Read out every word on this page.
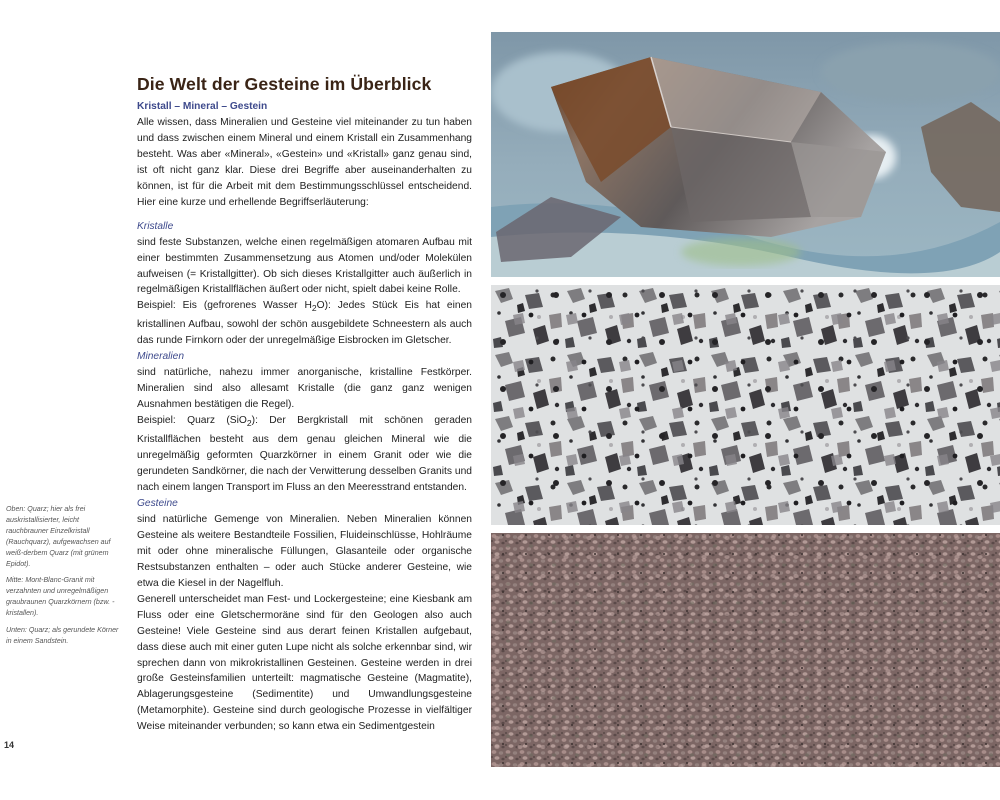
Die Welt der Gesteine im Überblick

Kristall – Mineral – Gestein

Alle wissen, dass Mineralien und Gesteine viel miteinander zu tun haben und dass zwischen einem Mineral und einem Kristall ein Zusammenhang besteht. Was aber «Mineral», «Gestein» und «Kristall» ganz genau sind, ist oft nicht ganz klar. Diese drei Begriffe aber auseinanderhalten zu können, ist für die Arbeit mit dem Bestimmungsschlüssel entscheidend. Hier eine kurze und erhellende Begriffserläuterung:

Kristalle

sind feste Substanzen, welche einen regelmäßigen atomaren Aufbau mit einer bestimmten Zusammensetzung aus Atomen und/oder Molekülen aufweisen (= Kristallgitter). Ob sich dieses Kristallgitter auch äußerlich in regelmäßigen Kristallflächen äußert oder nicht, spielt dabei keine Rolle.

Beispiel: Eis (gefrorenes Wasser $H_2O$): Jedes Stück Eis hat einen kristallinen Aufbau, sowohl der schön ausgebildete Schneestern als auch das runde Firnkorn oder der unregelmäßige Eisbrocken im Gletscher.

Mineralien

sind natürliche, nahezu immer anorganische, kristalline Festkörper. Mineralien sind also allesamt Kristalle (die ganz ganz wenigen Ausnahmen bestätigen die Regel).

Beispiel: Quarz (SiO$_2$): Der Bergkristall mit schönen geraden Kristallflächen besteht aus dem genau gleichen Mineral wie die unregelmäßig geformten Quarzkörner in einem Granit oder wie die gerundeten Sandkörner, die nach der Verwitterung desselben Granits und nach einem langen Transport im Fluss an den Meeresstrand entstanden.

Gesteine

sind natürliche Gemenge von Mineralien. Neben Mineralien können Gesteine als weitere Bestandteile Fossilien, Fluideinschlüsse, Hohlräume mit oder ohne mineralische Füllungen, Glasanteile oder organische Restsubstanzen enthalten – oder auch Stücke anderer Gesteine, wie etwa die Kiesel in der Nagelfluh.

Generell unterscheidet man Fest- und Lockergesteine; eine Kiesbank am Fluss oder eine Gletschermoräne sind für den Geologen also auch Gesteine! Viele Gesteine sind aus derart feinen Kristallen aufgebaut, dass diese auch mit einer guten Lupe nicht als solche erkennbar sind, wir sprechen dann von mikrokristallinen Gesteinen. Gesteine werden in drei große Gesteinsfamilien unterteilt: magmatische Gesteine (Magmatite), Ablagerungsgesteine (Sedimentite) und Umwandlungsgesteine (Metamorphite). Gesteine sind durch geologische Prozesse in vielfältiger Weise miteinander verbunden; so kann etwa ein Sedimentgestein

Oben: Quarz; hier als frei auskristallisierter, leicht rauchbrauner Einzelkristall (Rauchquarz), aufgewachsen auf weiß-derbem Quarz (mit grünem Epidot).

Mitte: Mont-Blanc-Granit mit verzahnten und unregelmäßigen graubraunen Quarzkörnern (bzw. -kristallen).

Unten: Quarz; als gerundete Körner in einem Sandstein.

14
